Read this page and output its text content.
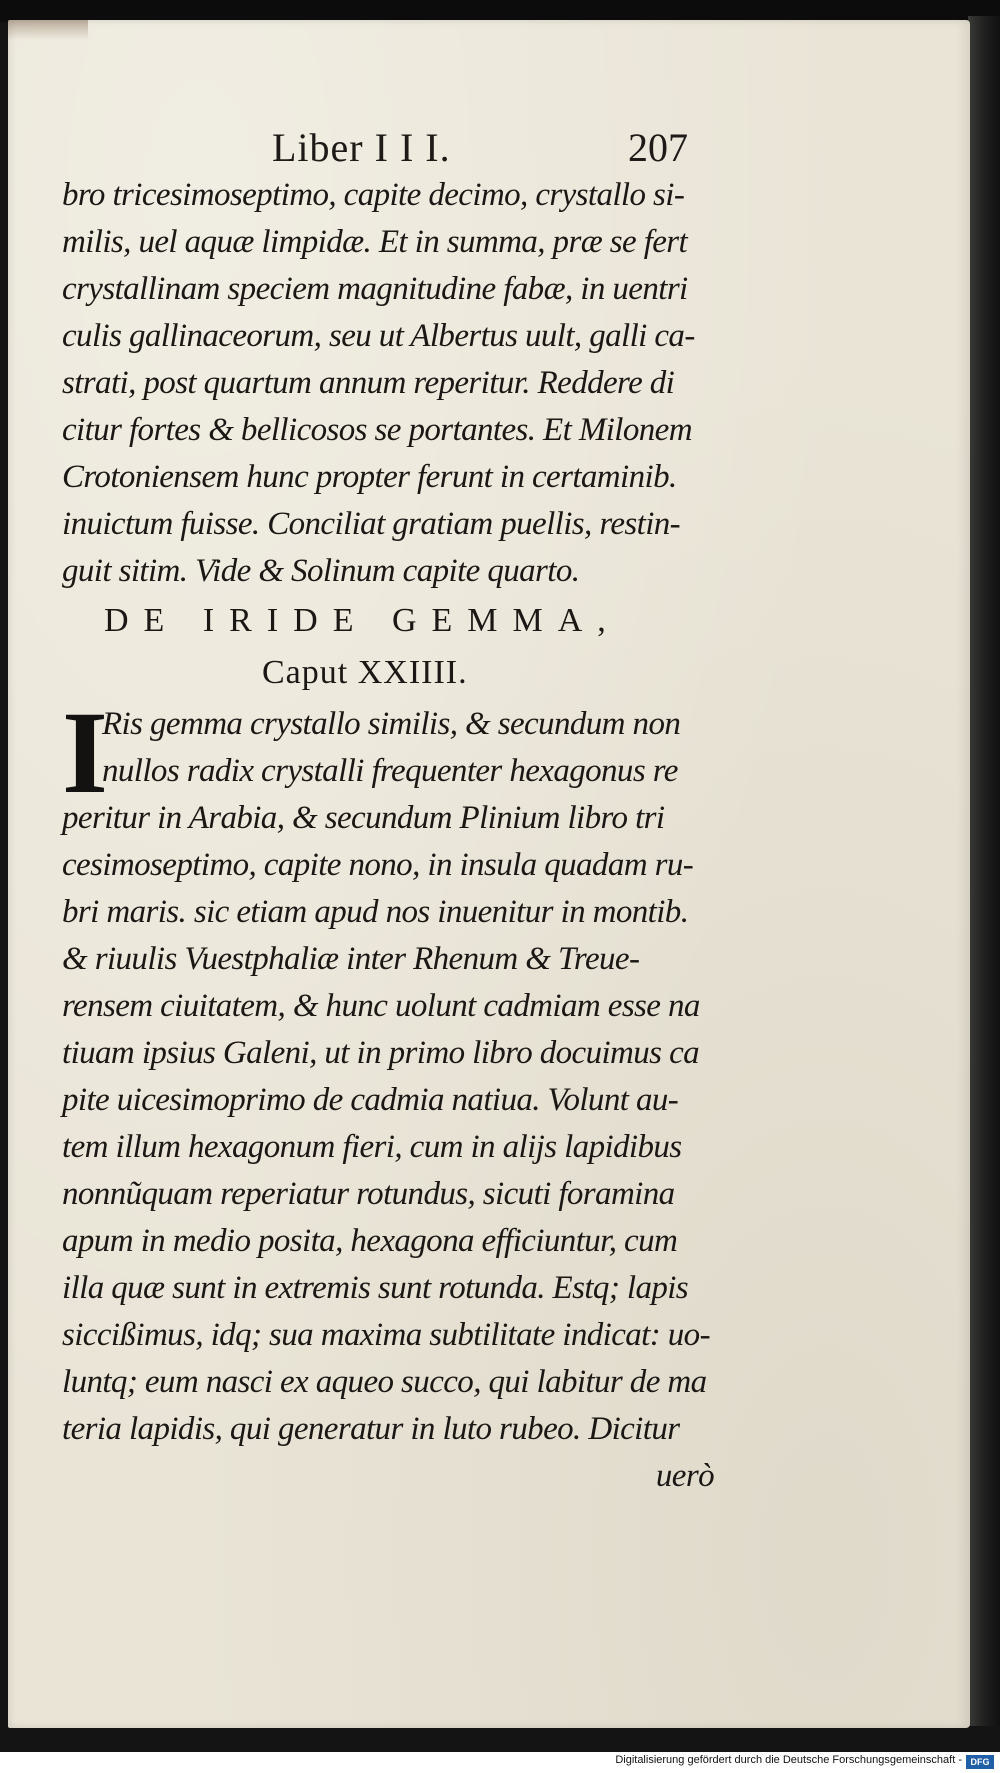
Liber I I I.	207
bro tricesimoseptimo, capite decimo, crystallo si-
milis, uel aquæ limpidæ. Et in summa, præ se fert
crystallinam speciem magnitudine fabæ, in uentri
culis gallinaceorum, seu ut Albertus uult, galli ca-
strati, post quartum annum reperitur. Reddere di
citur fortes & bellicosos se portantes. Et Milonem
Crotoniensem hunc propter ferunt in certaminib.
inuictum fuisse. Conciliat gratiam puellis, restin-
guit sitim. Vide & Solinum capite quarto.
DE IRIDE GEMMA,
Caput XXIIII.
I
Ris gemma crystallo similis, & secundum non
nullos radix crystalli frequenter hexagonus re
peritur in Arabia, & secundum Plinium libro tri
cesimoseptimo, capite nono, in insula quadam ru-
bri maris. sic etiam apud nos inuenitur in montib.
& riuulis Vuestphaliæ inter Rhenum & Treue-
rensem ciuitatem, & hunc uolunt cadmiam esse na
tiuam ipsius Galeni, ut in primo libro docuimus ca
pite uicesimoprimo de cadmia natiua. Volunt au-
tem illum hexagonum fieri, cum in alijs lapidibus
nonnũquam reperiatur rotundus, sicuti foramina
apum in medio posita, hexagona efficiuntur, cum
illa quæ sunt in extremis sunt rotunda. Estq; lapis
siccißimus, idq; sua maxima subtilitate indicat: uo-
luntq; eum nasci ex aqueo succo, qui labitur de ma
teria lapidis, qui generatur in luto rubeo. Dicitur
uerò
Digitalisierung gefördert durch die Deutsche Forschungsgemeinschaft - DFG
